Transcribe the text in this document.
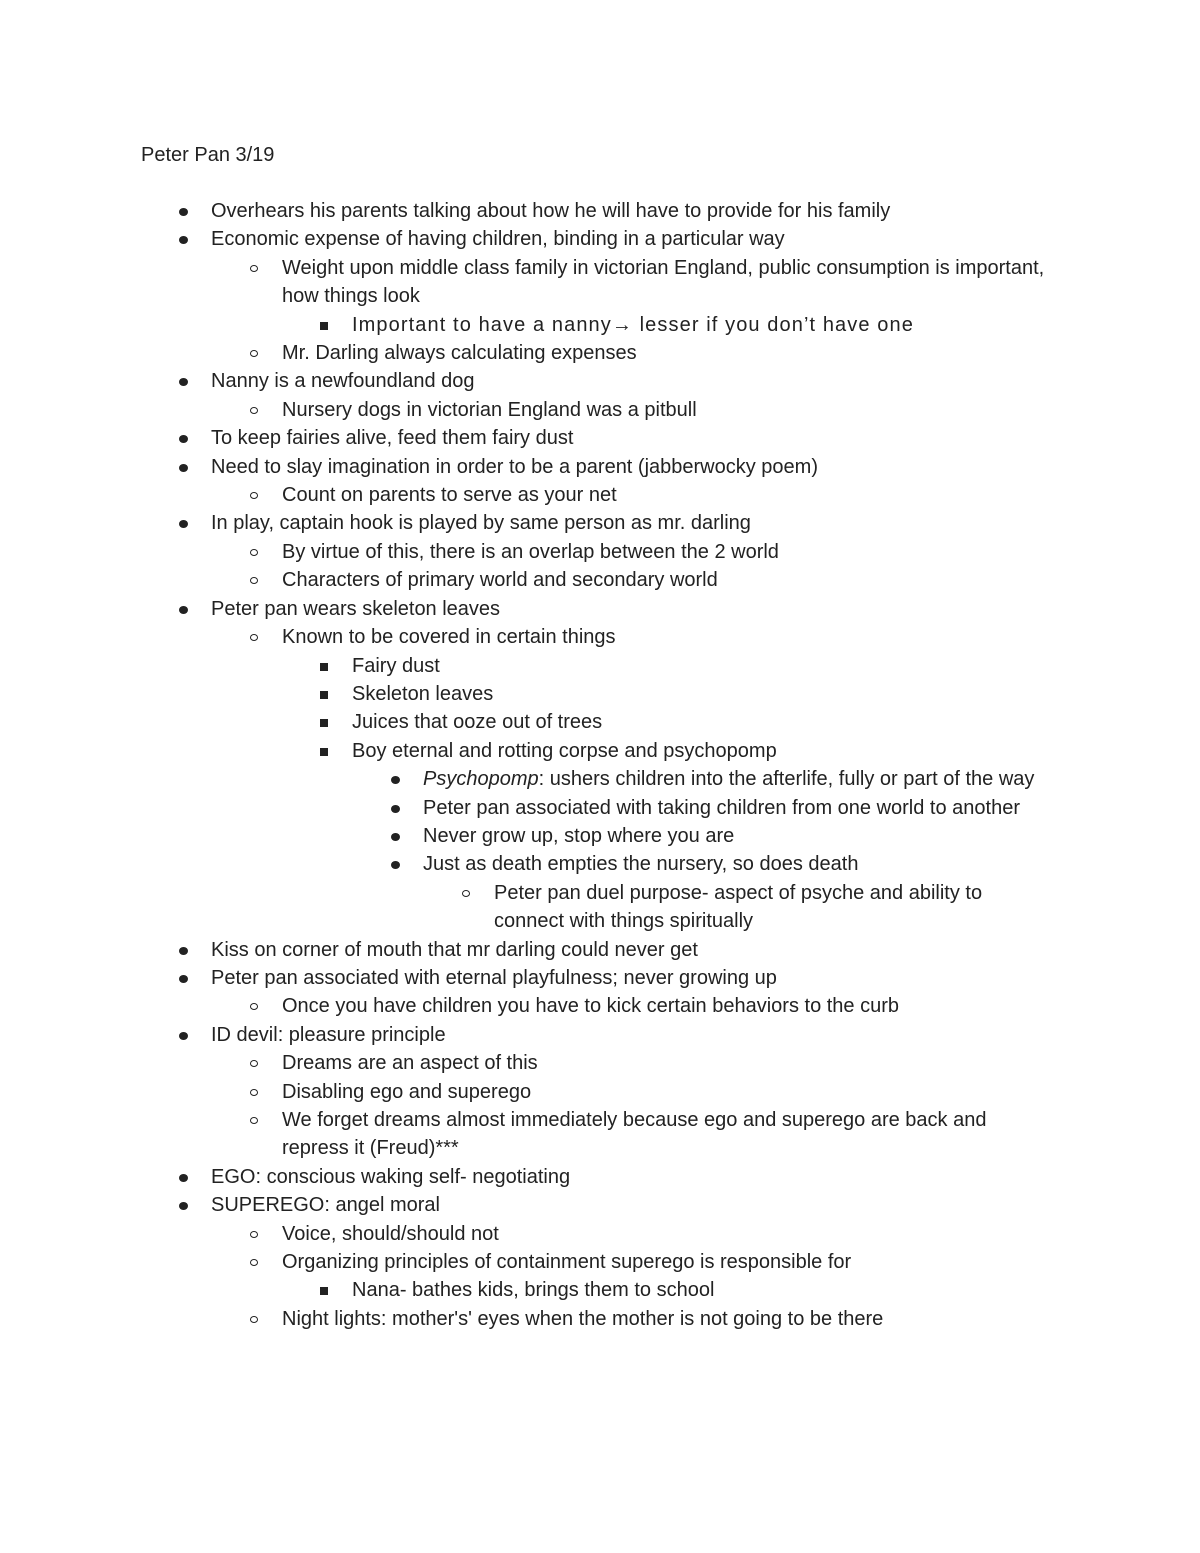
Peter Pan 3/19
Overhears his parents talking about how he will have to provide for his family
Economic expense of having children, binding in a particular way
Weight upon middle class family in victorian England, public consumption is important, how things look
Important to have a nanny→ lesser if you don’t have one
Mr. Darling always calculating expenses
Nanny is a newfoundland dog
Nursery dogs in victorian England was a pitbull
To keep fairies alive, feed them fairy dust
Need to slay imagination in order to be a parent (jabberwocky poem)
Count on parents to serve as your net
In play, captain hook is played by same person as mr. darling
By virtue of this, there is an overlap between the 2 world
Characters of primary world and secondary world
Peter pan wears skeleton leaves
Known to be covered in certain things
Fairy dust
Skeleton leaves
Juices that ooze out of trees
Boy eternal and rotting corpse and psychopomp
Psychopomp: ushers children into the afterlife, fully or part of the way
Peter pan associated with taking children from one world to another
Never grow up, stop where you are
Just as death empties the nursery, so does death
Peter pan duel purpose- aspect of psyche and ability to connect with things spiritually
Kiss on corner of mouth that mr darling could never get
Peter pan associated with eternal playfulness; never growing up
Once you have children you have to kick certain behaviors to the curb
ID devil: pleasure principle
Dreams are an aspect of this
Disabling ego and superego
We forget dreams almost immediately because ego and superego are back and repress it (Freud)***
EGO: conscious waking self- negotiating
SUPEREGO: angel moral
Voice, should/should not
Organizing principles of containment superego is responsible for
Nana- bathes kids, brings them to school
Night lights: mother's' eyes when the mother is not going to be there
